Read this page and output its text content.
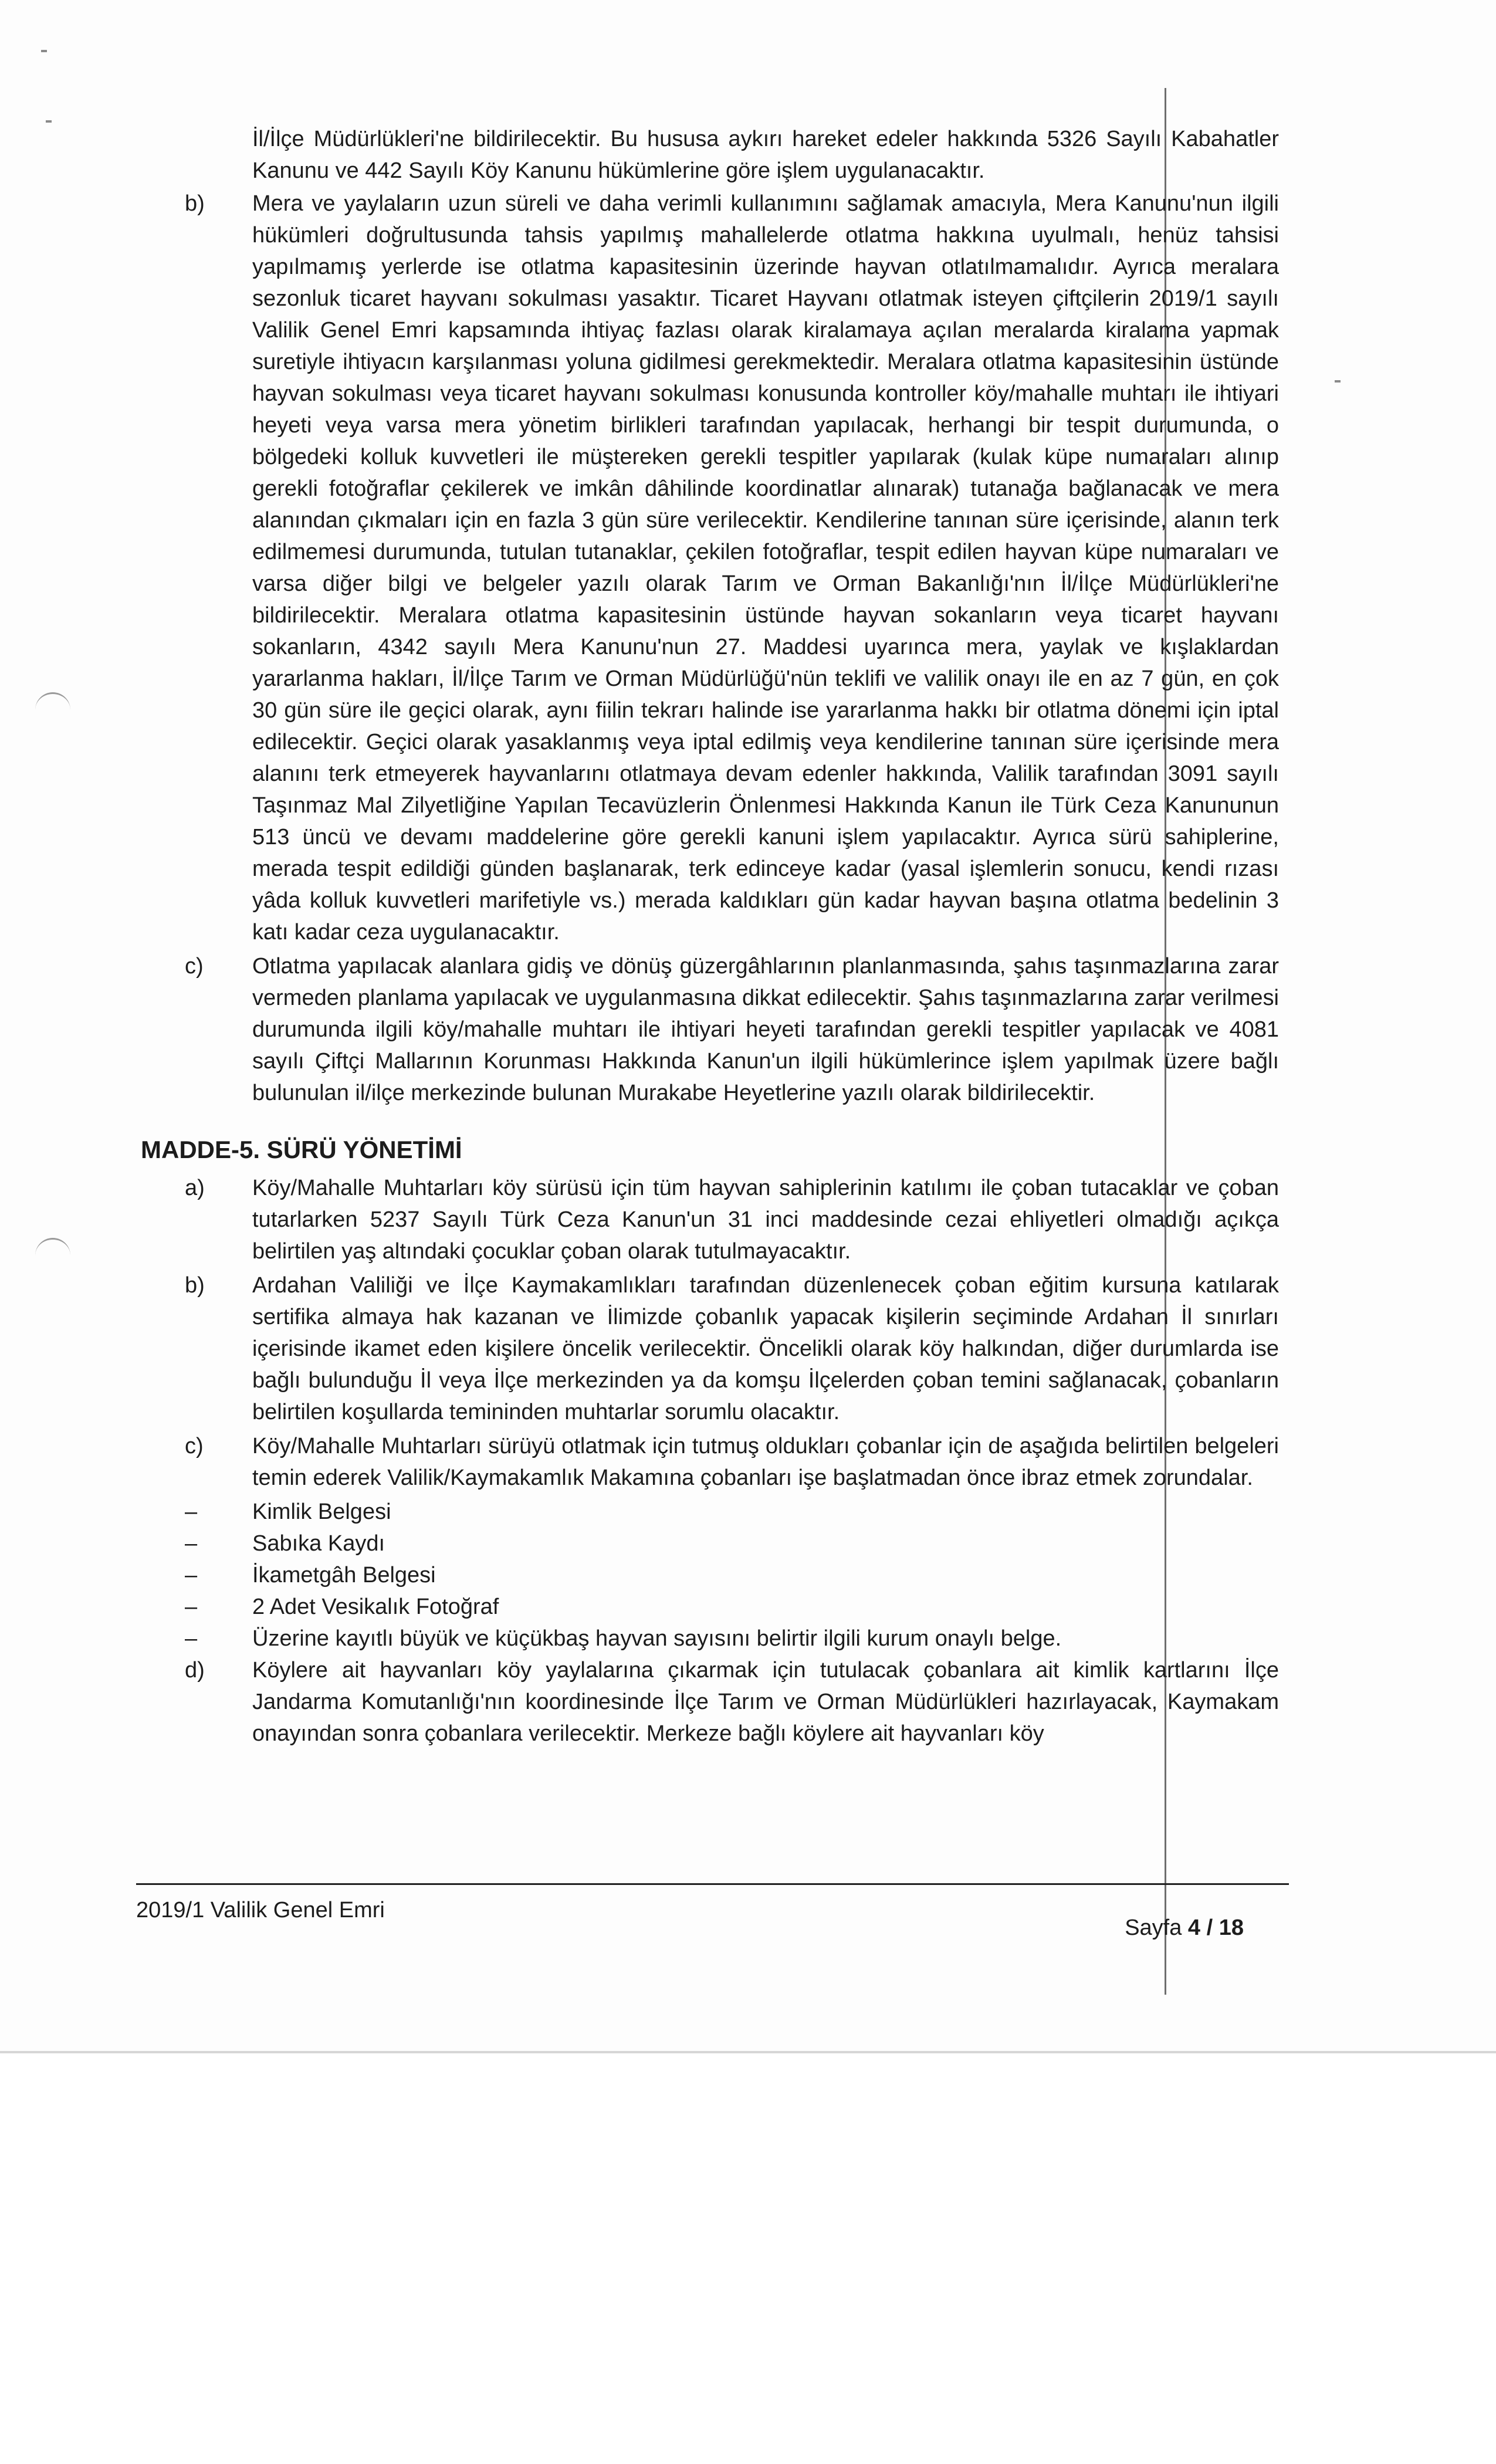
İl/İlçe Müdürlükleri'ne bildirilecektir. Bu hususa aykırı hareket edeler hakkında 5326 Sayılı Kabahatler Kanunu ve 442 Sayılı Köy Kanunu hükümlerine göre işlem uygulanacaktır.

b)	Mera ve yaylaların uzun süreli ve daha verimli kullanımını sağlamak amacıyla, Mera Kanunu'nun ilgili hükümleri doğrultusunda tahsis yapılmış mahallelerde otlatma hakkına uyulmalı, henüz tahsisi yapılmamış yerlerde ise otlatma kapasitesinin üzerinde hayvan otlatılmamalıdır. Ayrıca meralara sezonluk ticaret hayvanı sokulması yasaktır. Ticaret Hayvanı otlatmak isteyen çiftçilerin 2019/1 sayılı Valilik Genel Emri kapsamında ihtiyaç fazlası olarak kiralamaya açılan meralarda kiralama yapmak suretiyle ihtiyacın karşılanması yoluna gidilmesi gerekmektedir. Meralara otlatma kapasitesinin üstünde hayvan sokulması veya ticaret hayvanı sokulması konusunda kontroller köy/mahalle muhtarı ile ihtiyari heyeti veya varsa mera yönetim birlikleri tarafından yapılacak, herhangi bir tespit durumunda, o bölgedeki kolluk kuvvetleri ile müştereken gerekli tespitler yapılarak (kulak küpe numaraları alınıp gerekli fotoğraflar çekilerek ve imkân dâhilinde koordinatlar alınarak) tutanağa bağlanacak ve mera alanından çıkmaları için en fazla 3 gün süre verilecektir. Kendilerine tanınan süre içerisinde, alanın terk edilmemesi durumunda, tutulan tutanaklar, çekilen fotoğraflar, tespit edilen hayvan küpe numaraları ve varsa diğer bilgi ve belgeler yazılı olarak Tarım ve Orman Bakanlığı'nın İl/İlçe Müdürlükleri'ne bildirilecektir. Meralara otlatma kapasitesinin üstünde hayvan sokanların veya ticaret hayvanı sokanların, 4342 sayılı Mera Kanunu'nun 27. Maddesi uyarınca mera, yaylak ve kışlaklardan yararlanma hakları, İl/İlçe Tarım ve Orman Müdürlüğü'nün teklifi ve valilik onayı ile en az 7 gün, en çok 30 gün süre ile geçici olarak, aynı fiilin tekrarı halinde ise yararlanma hakkı bir otlatma dönemi için iptal edilecektir. Geçici olarak yasaklanmış veya iptal edilmiş veya kendilerine tanınan süre içerisinde mera alanını terk etmeyerek hayvanlarını otlatmaya devam edenler hakkında, Valilik tarafından 3091 sayılı Taşınmaz Mal Zilyetliğine Yapılan Tecavüzlerin Önlenmesi Hakkında Kanun ile Türk Ceza Kanununun 513 üncü ve devamı maddelerine göre gerekli kanuni işlem yapılacaktır. Ayrıca sürü sahiplerine, merada tespit edildiği günden başlanarak, terk edinceye kadar (yasal işlemlerin sonucu, kendi rızası yâda kolluk kuvvetleri marifetiyle vs.) merada kaldıkları gün kadar hayvan başına otlatma bedelinin 3 katı kadar ceza uygulanacaktır.
c)	Otlatma yapılacak alanlara gidiş ve dönüş güzergâhlarının planlanmasında, şahıs taşınmazlarına zarar vermeden planlama yapılacak ve uygulanmasına dikkat edilecektir. Şahıs taşınmazlarına zarar verilmesi durumunda ilgili köy/mahalle muhtarı ile ihtiyari heyeti tarafından gerekli tespitler yapılacak ve 4081 sayılı Çiftçi Mallarının Korunması Hakkında Kanun'un ilgili hükümlerince işlem yapılmak üzere bağlı bulunulan il/ilçe merkezinde bulunan Murakabe Heyetlerine yazılı olarak bildirilecektir.
MADDE-5. SÜRÜ YÖNETİMİ
a)	Köy/Mahalle Muhtarları köy sürüsü için tüm hayvan sahiplerinin katılımı ile çoban tutacaklar ve çoban tutarlarken 5237 Sayılı Türk Ceza Kanun'un 31 inci maddesinde cezai ehliyetleri olmadığı açıkça belirtilen yaş altındaki çocuklar çoban olarak tutulmayacaktır.
b)	Ardahan Valiliği ve İlçe Kaymakamlıkları tarafından düzenlenecek çoban eğitim kursuna katılarak sertifika almaya hak kazanan ve İlimizde çobanlık yapacak kişilerin seçiminde Ardahan İl sınırları içerisinde ikamet eden kişilere öncelik verilecektir. Öncelikli olarak köy halkından, diğer durumlarda ise bağlı bulunduğu İl veya İlçe merkezinden ya da komşu İlçelerden çoban temini sağlanacak, çobanların belirtilen koşullarda temininden muhtarlar sorumlu olacaktır.
c)	Köy/Mahalle Muhtarları sürüyü otlatmak için tutmuş oldukları çobanlar için de aşağıda belirtilen belgeleri temin ederek Valilik/Kaymakamlık Makamına çobanları işe başlatmadan önce ibraz etmek zorundalar.
–	Kimlik Belgesi
–	Sabıka Kaydı
–	İkametgâh Belgesi
–	2 Adet Vesikalık Fotoğraf
–	Üzerine kayıtlı büyük ve küçükbaş hayvan sayısını belirtir ilgili kurum onaylı belge.
d)	Köylere ait hayvanları köy yaylalarına çıkarmak için tutulacak çobanlara ait kimlik kartlarını İlçe Jandarma Komutanlığı'nın koordinesinde İlçe Tarım ve Orman Müdürlükleri hazırlayacak, Kaymakam onayından sonra çobanlara verilecektir. Merkeze bağlı köylere ait hayvanları köy
2019/1 Valilik Genel Emri
Sayfa 4 / 18
